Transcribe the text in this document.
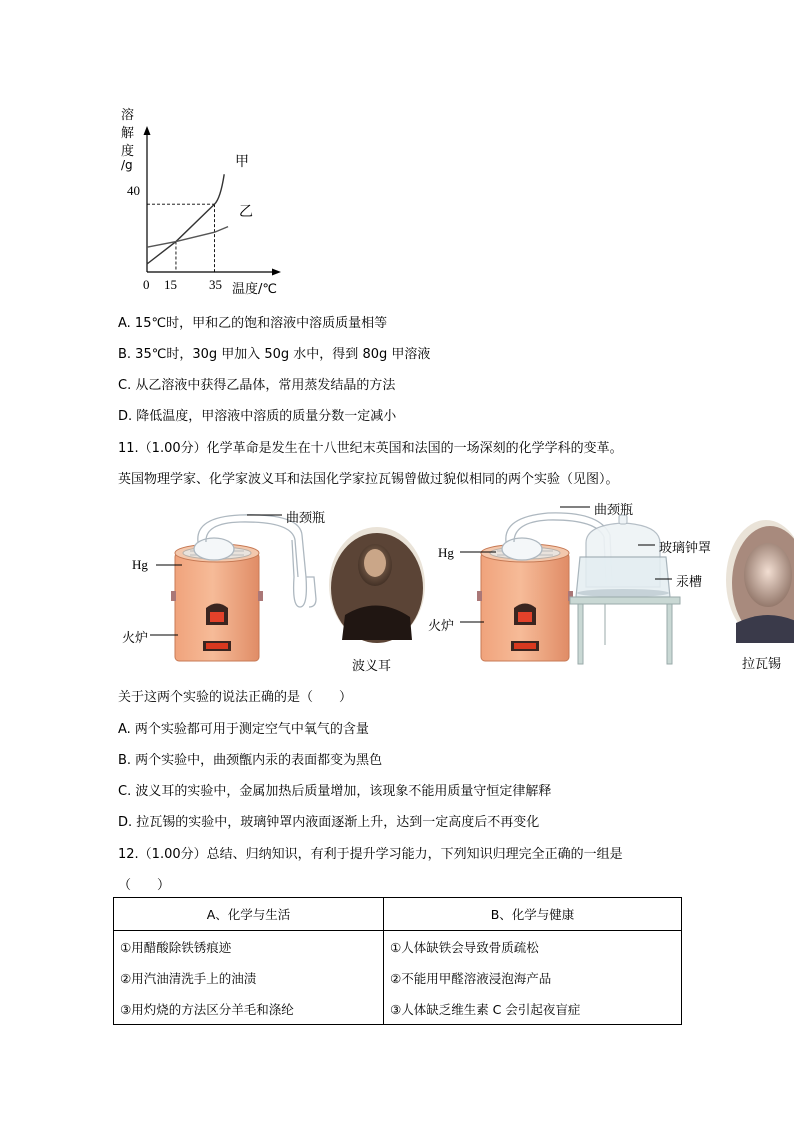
溶
解
度
/g
40
0 15 35 温度/℃
甲
乙
A. 15℃时，甲和乙的饱和溶液中溶质质量相等
B. 35℃时，30g 甲加入 50g 水中，得到 80g 甲溶液
C. 从乙溶液中获得乙晶体，常用蒸发结晶的方法
D. 降低温度，甲溶液中溶质的质量分数一定减小
11.（1.00分）化学革命是发生在十八世纪末英国和法国的一场深刻的化学学科的变革。
英国物理学家、化学家波义耳和法国化学家拉瓦锡曾做过貌似相同的两个实验（见图）。
曲颈瓶
Hg
火炉
波义耳
曲颈瓶
Hg	玻璃钟罩
汞槽
火炉
拉瓦锡
关于这两个实验的说法正确的是（　　）
A. 两个实验都可用于测定空气中氧气的含量
B. 两个实验中，曲颈甑内汞的表面都变为黑色
C. 波义耳的实验中，金属加热后质量增加，该现象不能用质量守恒定律解释
D. 拉瓦锡的实验中，玻璃钟罩内液面逐渐上升，达到一定高度后不再变化
12.（1.00分）总结、归纳知识，有利于提升学习能力，下列知识归理完全正确的一组是
（　　）
A、化学与生活	B、化学与健康
①用醋酸除铁锈痕迹	①人体缺铁会导致骨质疏松
②用汽油清洗手上的油渍	②不能用甲醛溶液浸泡海产品
③用灼烧的方法区分羊毛和涤纶	③人体缺乏维生素 C 会引起夜盲症
